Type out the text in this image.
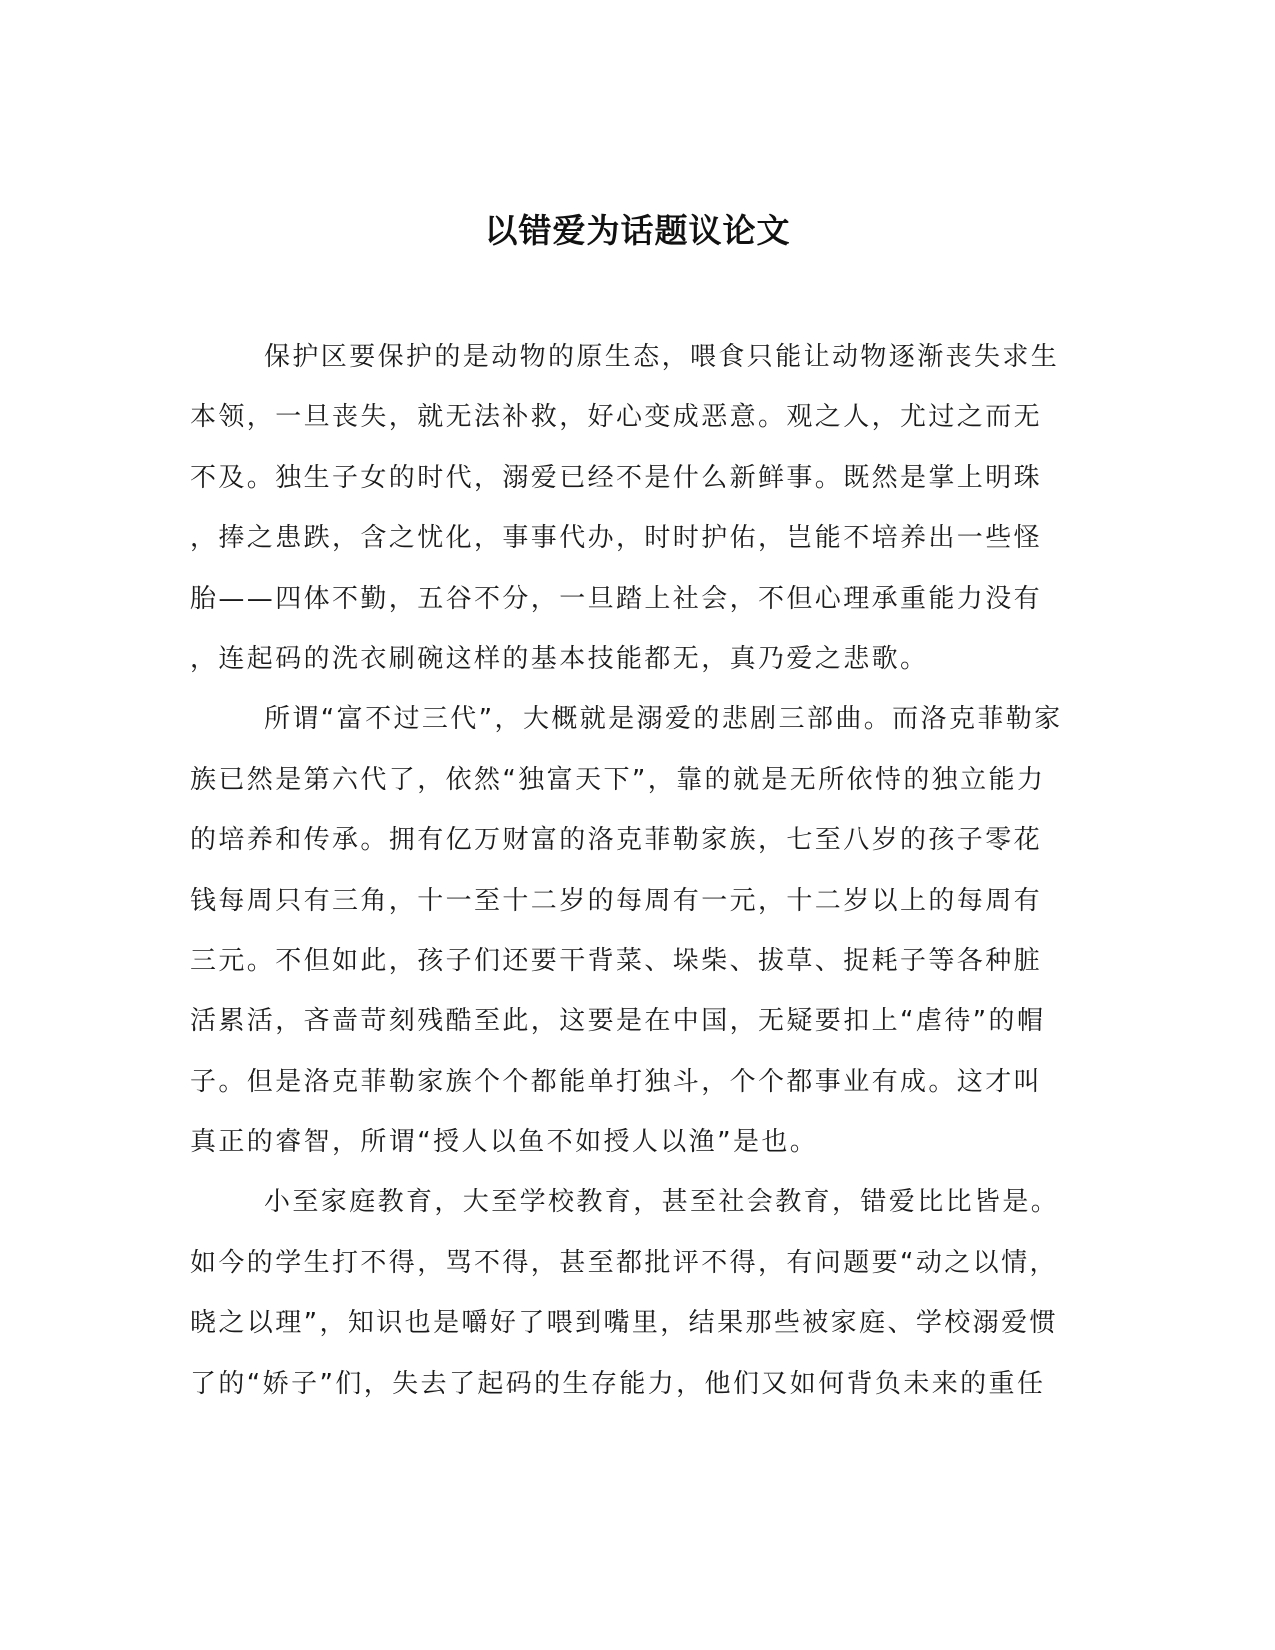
以错爱为话题议论文

保护区要保护的是动物的原生态，喂食只能让动物逐渐丧失求生
本领，一旦丧失，就无法补救，好心变成恶意。观之人，尤过之而无
不及。独生子女的时代，溺爱已经不是什么新鲜事。既然是掌上明珠
，捧之患跌，含之忧化，事事代办，时时护佑，岂能不培养出一些怪
胎——四体不勤，五谷不分，一旦踏上社会，不但心理承重能力没有
，连起码的洗衣刷碗这样的基本技能都无，真乃爱之悲歌。

所谓“富不过三代”，大概就是溺爱的悲剧三部曲。而洛克菲勒家
族已然是第六代了，依然“独富天下”，靠的就是无所依恃的独立能力
的培养和传承。拥有亿万财富的洛克菲勒家族，七至八岁的孩子零花
钱每周只有三角，十一至十二岁的每周有一元，十二岁以上的每周有
三元。不但如此，孩子们还要干背菜、垛柴、拔草、捉耗子等各种脏
活累活，吝啬苛刻残酷至此，这要是在中国，无疑要扣上“虐待”的帽
子。但是洛克菲勒家族个个都能单打独斗，个个都事业有成。这才叫
真正的睿智，所谓“授人以鱼不如授人以渔”是也。

小至家庭教育，大至学校教育，甚至社会教育，错爱比比皆是。
如今的学生打不得，骂不得，甚至都批评不得，有问题要“动之以情，
晓之以理”，知识也是嚼好了喂到嘴里，结果那些被家庭、学校溺爱惯
了的“娇子”们，失去了起码的生存能力，他们又如何背负未来的重任
